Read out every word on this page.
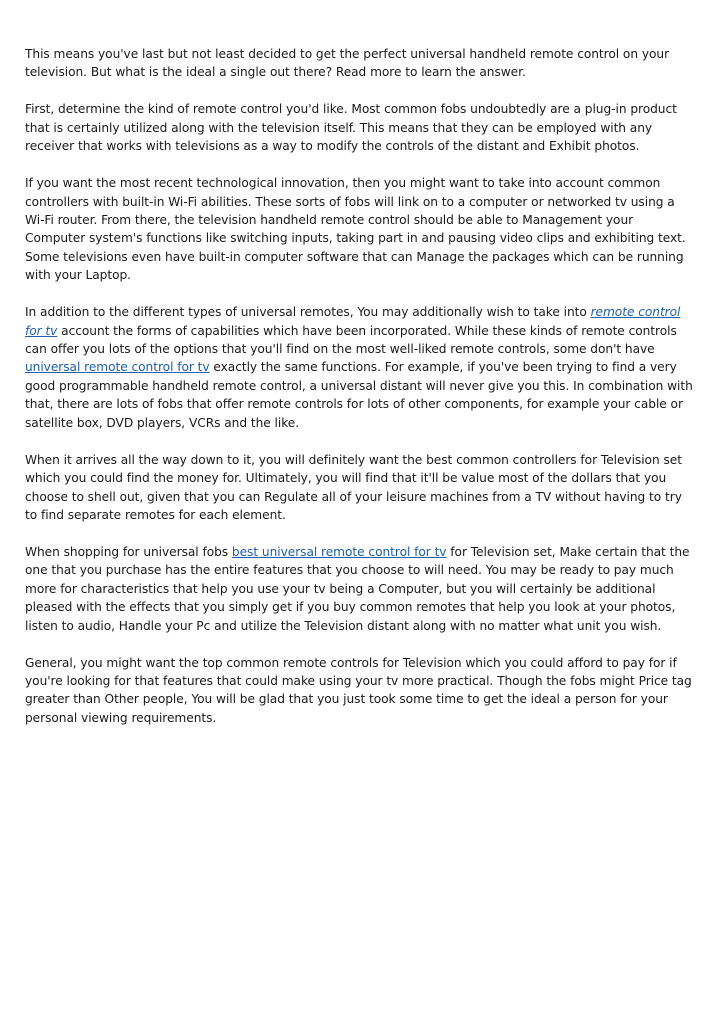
This means you've last but not least decided to get the perfect universal handheld remote control on your television. But what is the ideal a single out there? Read more to learn the answer.

First, determine the kind of remote control you'd like. Most common fobs undoubtedly are a plug-in product that is certainly utilized along with the television itself. This means that they can be employed with any receiver that works with televisions as a way to modify the controls of the distant and Exhibit photos.

If you want the most recent technological innovation, then you might want to take into account common controllers with built-in Wi-Fi abilities. These sorts of fobs will link on to a computer or networked tv using a Wi-Fi router. From there, the television handheld remote control should be able to Management your Computer system's functions like switching inputs, taking part in and pausing video clips and exhibiting text. Some televisions even have built-in computer software that can Manage the packages which can be running with your Laptop.

In addition to the different types of universal remotes, You may additionally wish to take into remote control for tv account the forms of capabilities which have been incorporated. While these kinds of remote controls can offer you lots of the options that you'll find on the most well-liked remote controls, some don't have universal remote control for tv exactly the same functions. For example, if you've been trying to find a very good programmable handheld remote control, a universal distant will never give you this. In combination with that, there are lots of fobs that offer remote controls for lots of other components, for example your cable or satellite box, DVD players, VCRs and the like.

When it arrives all the way down to it, you will definitely want the best common controllers for Television set which you could find the money for. Ultimately, you will find that it'll be value most of the dollars that you choose to shell out, given that you can Regulate all of your leisure machines from a TV without having to try to find separate remotes for each element.

When shopping for universal fobs best universal remote control for tv for Television set, Make certain that the one that you purchase has the entire features that you choose to will need. You may be ready to pay much more for characteristics that help you use your tv being a Computer, but you will certainly be additional pleased with the effects that you simply get if you buy common remotes that help you look at your photos, listen to audio, Handle your Pc and utilize the Television distant along with no matter what unit you wish.

General, you might want the top common remote controls for Television which you could afford to pay for if you're looking for that features that could make using your tv more practical. Though the fobs might Price tag greater than Other people, You will be glad that you just took some time to get the ideal a person for your personal viewing requirements.
